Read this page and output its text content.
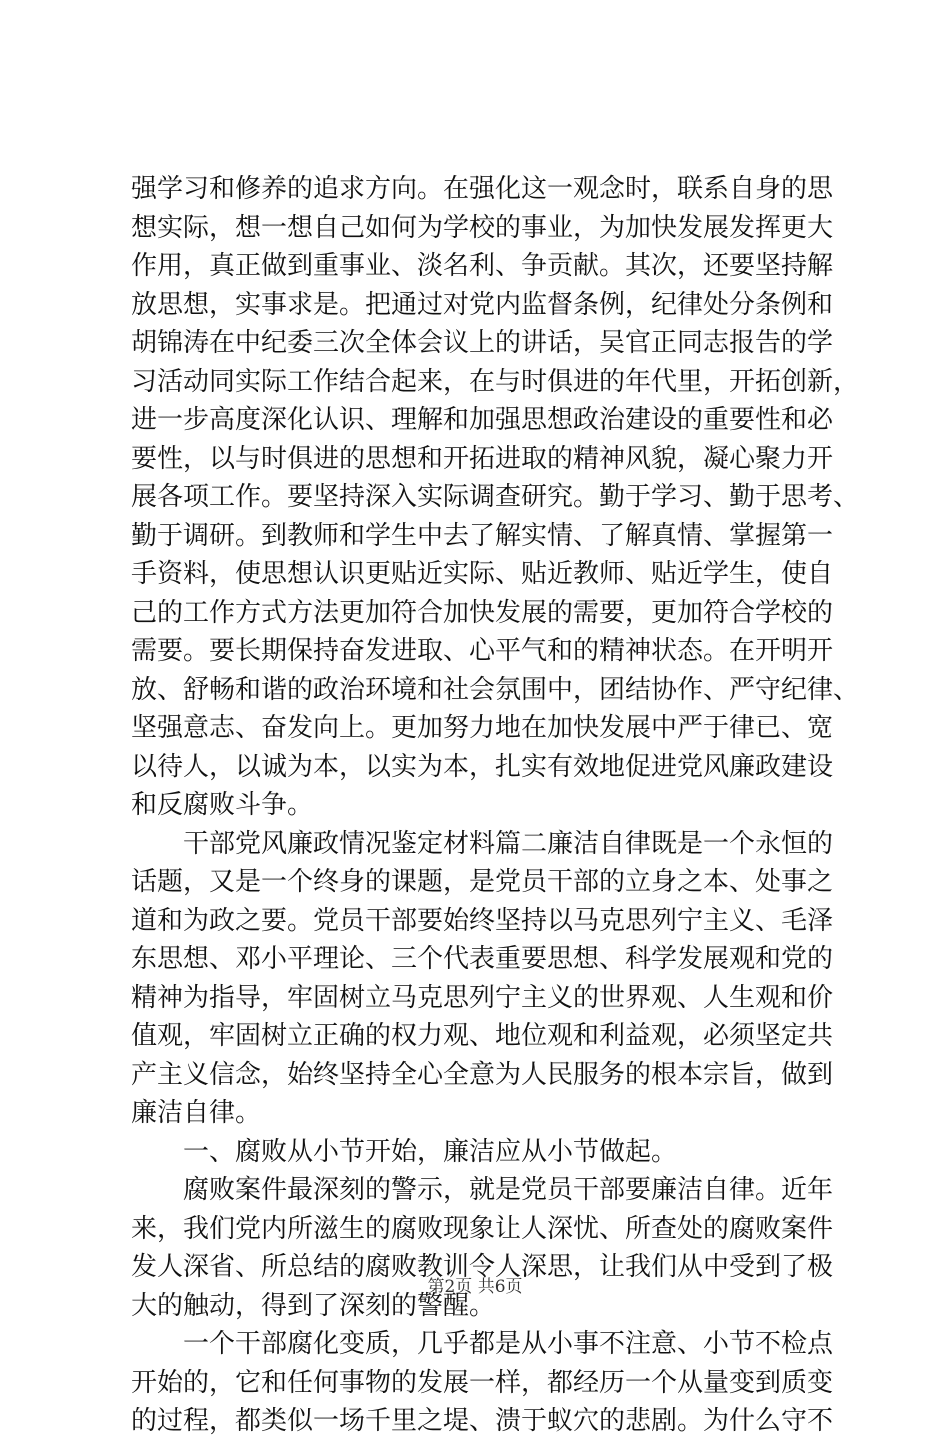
强学习和修养的追求方向。在强化这一观念时，联系自身的思
想实际，想一想自己如何为学校的事业，为加快发展发挥更大
作用，真正做到重事业、淡名利、争贡献。其次，还要坚持解
放思想，实事求是。把通过对党内监督条例，纪律处分条例和
胡锦涛在中纪委三次全体会议上的讲话，吴官正同志报告的学
习活动同实际工作结合起来，在与时俱进的年代里，开拓创新，
进一步高度深化认识、理解和加强思想政治建设的重要性和必
要性，以与时俱进的思想和开拓进取的精神风貌，凝心聚力开
展各项工作。要坚持深入实际调查研究。勤于学习、勤于思考、
勤于调研。到教师和学生中去了解实情、了解真情、掌握第一
手资料，使思想认识更贴近实际、贴近教师、贴近学生，使自
己的工作方式方法更加符合加快发展的需要，更加符合学校的
需要。要长期保持奋发进取、心平气和的精神状态。在开明开
放、舒畅和谐的政治环境和社会氛围中，团结协作、严守纪律、
坚强意志、奋发向上。更加努力地在加快发展中严于律已、宽
以待人，以诚为本，以实为本，扎实有效地促进党风廉政建设
和反腐败斗争。
干部党风廉政情况鉴定材料篇二廉洁自律既是一个永恒的
话题，又是一个终身的课题，是党员干部的立身之本、处事之
道和为政之要。党员干部要始终坚持以马克思列宁主义、毛泽
东思想、邓小平理论、三个代表重要思想、科学发展观和党的
精神为指导，牢固树立马克思列宁主义的世界观、人生观和价
值观，牢固树立正确的权力观、地位观和利益观，必须坚定共
产主义信念，始终坚持全心全意为人民服务的根本宗旨，做到
廉洁自律。
一、腐败从小节开始，廉洁应从小节做起。
腐败案件最深刻的警示，就是党员干部要廉洁自律。近年
来，我们党内所滋生的腐败现象让人深忧、所查处的腐败案件
发人深省、所总结的腐败教训令人深思，让我们从中受到了极
大的触动，得到了深刻的警醒。
一个干部腐化变质，几乎都是从小事不注意、小节不检点
开始的，它和任何事物的发展一样，都经历一个从量变到质变
的过程，都类似一场千里之堤、溃于蚁穴的悲剧。为什么守不
第2页 共6页
